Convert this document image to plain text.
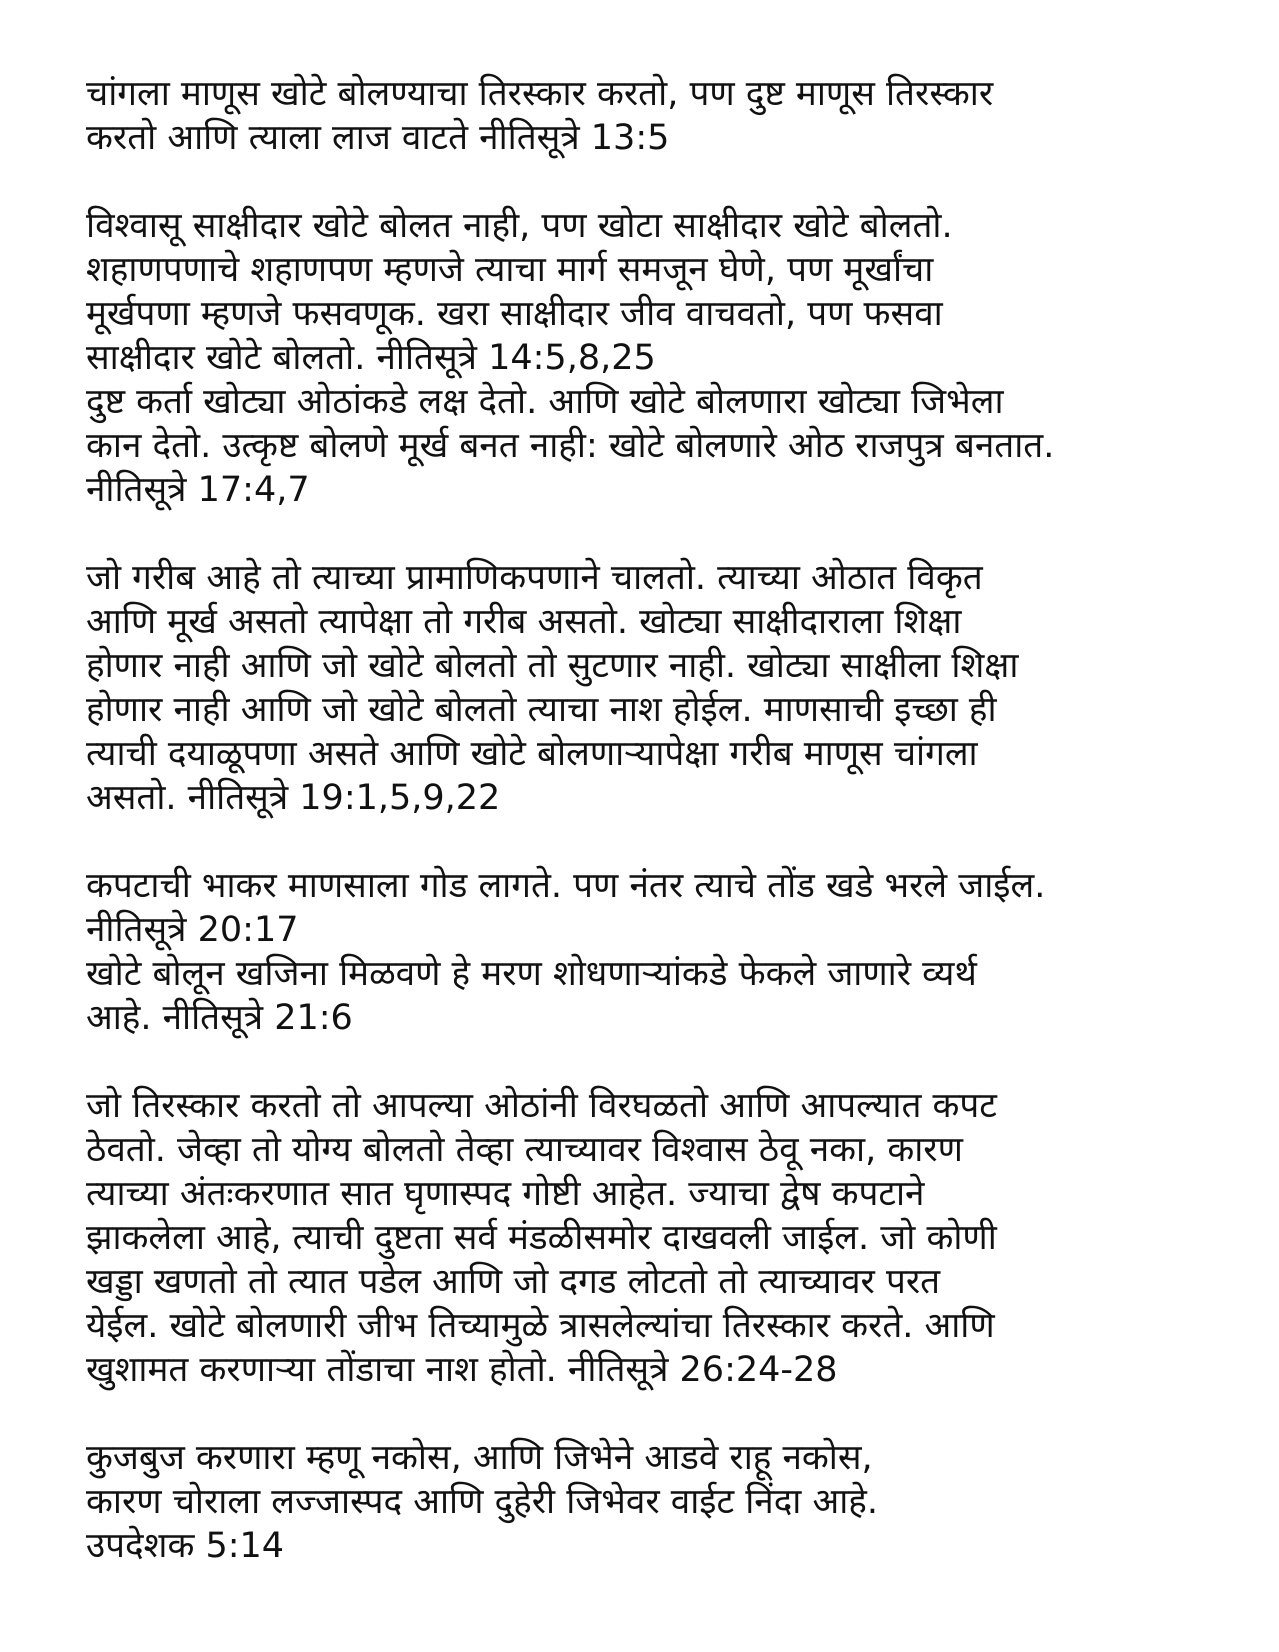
चांगला माणूस खोटे बोलण्याचा तिरस्कार करतो, पण दुष्ट माणूस तिरस्कार
करतो आणि त्याला लाज वाटते नीतिसूत्रे 13:5
विश्वासू साक्षीदार खोटे बोलत नाही, पण खोटा साक्षीदार खोटे बोलतो.
शहाणपणाचे शहाणपण म्हणजे त्याचा मार्ग समजून घेणे, पण मूर्खांचा
मूर्खपणा म्हणजे फसवणूक. खरा साक्षीदार जीव वाचवतो, पण फसवा
साक्षीदार खोटे बोलतो. नीतिसूत्रे 14:5,8,25
दुष्ट कर्ता खोट्या ओठांकडे लक्ष देतो. आणि खोटे बोलणारा खोट्या जिभेला
कान देतो. उत्कृष्ट बोलणे मूर्ख बनत नाही: खोटे बोलणारे ओठ राजपुत्र बनतात.
नीतिसूत्रे 17:4,7
जो गरीब आहे तो त्याच्या प्रामाणिकपणाने चालतो. त्याच्या ओठात विकृत
आणि मूर्ख असतो त्यापेक्षा तो गरीब असतो. खोट्या साक्षीदाराला शिक्षा
होणार नाही आणि जो खोटे बोलतो तो सुटणार नाही. खोट्या साक्षीला शिक्षा
होणार नाही आणि जो खोटे बोलतो त्याचा नाश होईल. माणसाची इच्छा ही
त्याची दयाळूपणा असते आणि खोटे बोलणाऱ्यापेक्षा गरीब माणूस चांगला
असतो. नीतिसूत्रे 19:1,5,9,22
कपटाची भाकर माणसाला गोड लागते. पण नंतर त्याचे तोंड खडे भरले जाईल.
नीतिसूत्रे 20:17
खोटे बोलून खजिना मिळवणे हे मरण शोधणाऱ्यांकडे फेकले जाणारे व्यर्थ
आहे. नीतिसूत्रे 21:6
जो तिरस्कार करतो तो आपल्या ओठांनी विरघळतो आणि आपल्यात कपट
ठेवतो. जेव्हा तो योग्य बोलतो तेव्हा त्याच्यावर विश्वास ठेवू नका, कारण
त्याच्या अंतःकरणात सात घृणास्पद गोष्टी आहेत. ज्याचा द्वेष कपटाने
झाकलेला आहे, त्याची दुष्टता सर्व मंडळीसमोर दाखवली जाईल. जो कोणी
खड्डा खणतो तो त्यात पडेल आणि जो दगड लोटतो तो त्याच्यावर परत
येईल. खोटे बोलणारी जीभ तिच्यामुळे त्रासलेल्यांचा तिरस्कार करते. आणि
खुशामत करणाऱ्या तोंडाचा नाश होतो. नीतिसूत्रे 26:24-28
कुजबुज करणारा म्हणू नकोस, आणि जिभेने आडवे राहू नकोस,
कारण चोराला लज्जास्पद आणि दुहेरी जिभेवर वाईट निंदा आहे.
उपदेशक 5:14
